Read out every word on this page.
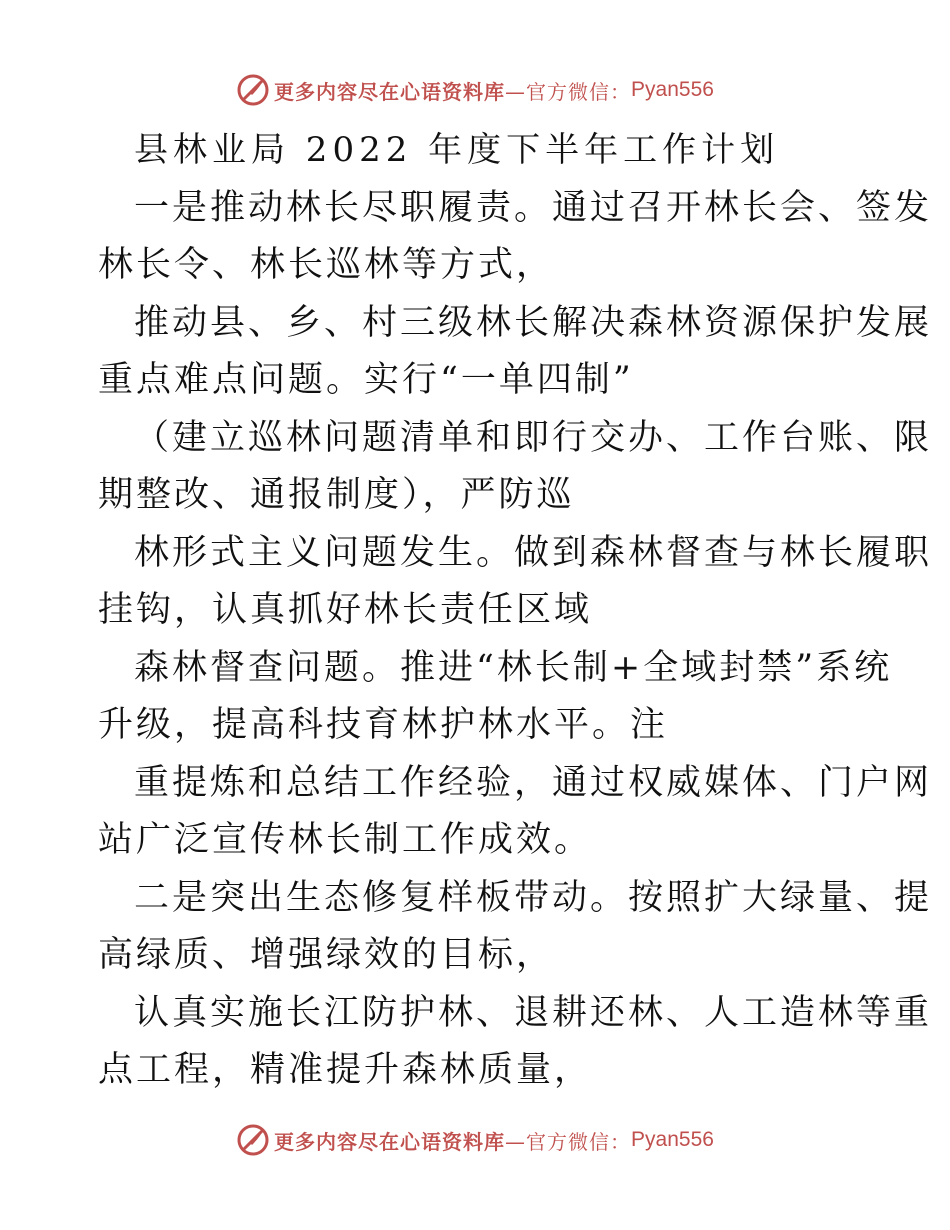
更多内容尽在心语资料库 —官方微信： Pyan556
县林业局 2022 年度下半年工作计划
一是推动林长尽职履责。通过召开林长会、签发
林长令、林长巡林等方式，
推动县、乡、村三级林长解决森林资源保护发展
重点难点问题。实行“一单四制”
（建立巡林问题清单和即行交办、工作台账、限
期整改、通报制度），严防巡
林形式主义问题发生。做到森林督查与林长履职
挂钩，认真抓好林长责任区域
森林督查问题。推进“林长制+全域封禁”系统
升级，提高科技育林护林水平。注
重提炼和总结工作经验，通过权威媒体、门户网
站广泛宣传林长制工作成效。
二是突出生态修复样板带动。按照扩大绿量、提
高绿质、增强绿效的目标，
认真实施长江防护林、退耕还林、人工造林等重
点工程，精准提升森林质量，
更多内容尽在心语资料库 —官方微信： Pyan556
